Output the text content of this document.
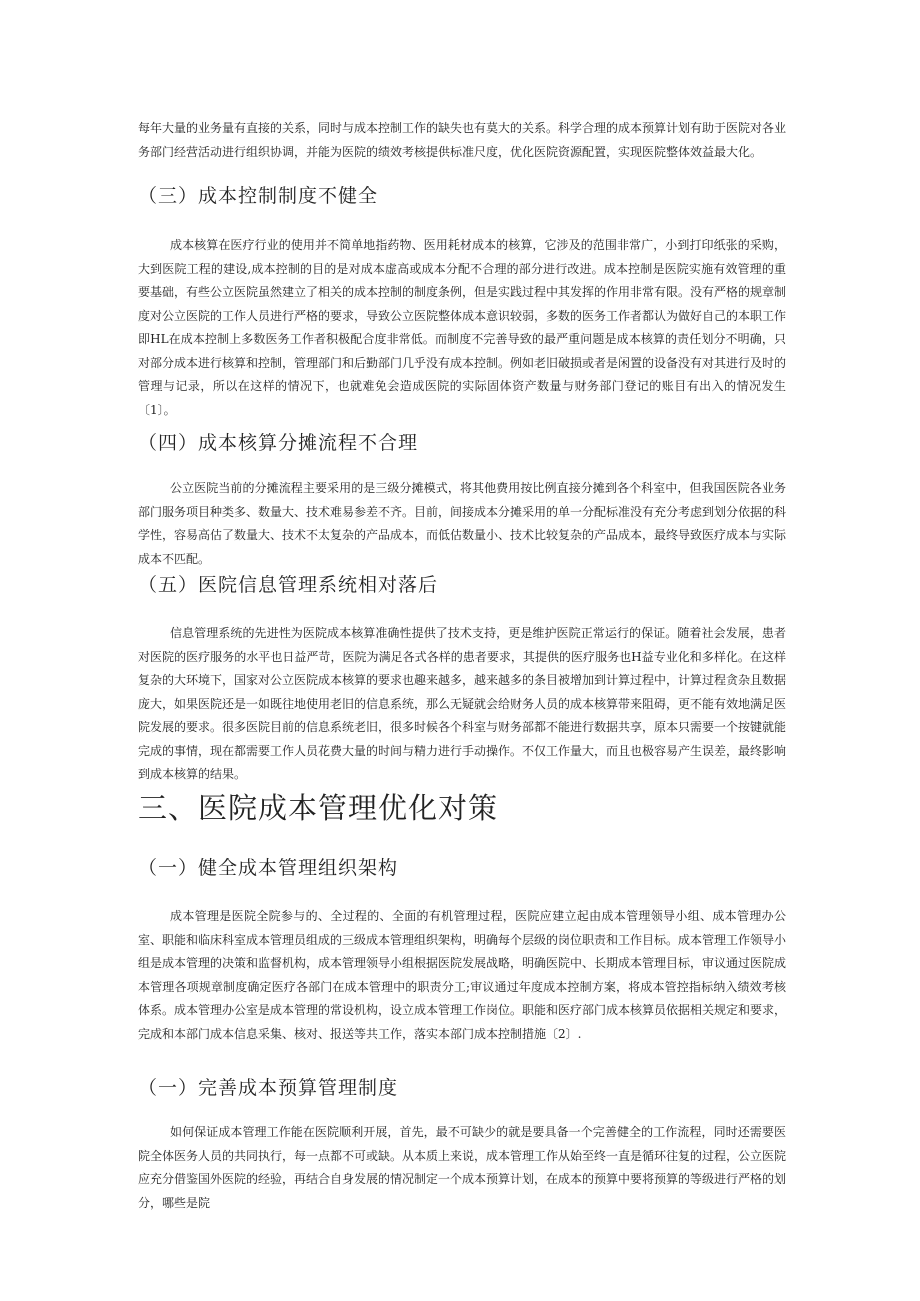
每年大量的业务量有直接的关系，同时与成本控制工作的缺失也有莫大的关系。科学合理的成本预算计划有助于医院对各业务部门经营活动进行组织协调，并能为医院的绩效考核提供标准尺度，优化医院资源配置，实现医院整体效益最大化。

（三）成本控制制度不健全

成本核算在医疗行业的使用并不简单地指药物、医用耗材成本的核算，它涉及的范围非常广，小到打印纸张的采购，大到医院工程的建设,成本控制的目的是对成本虚高或成本分配不合理的部分进行改进。成本控制是医院实施有效管理的重要基础，有些公立医院虽然建立了相关的成本控制的制度条例，但是实践过程中其发挥的作用非常有限。没有严格的规章制度对公立医院的工作人员进行严格的要求，导致公立医院整体成本意识较弱，多数的医务工作者都认为做好自己的本职工作即HL在成本控制上多数医务工作者积极配合度非常低。而制度不完善导致的最严重问题是成本核算的责任划分不明确，只对部分成本进行核算和控制，管理部门和后勤部门几乎没有成本控制。例如老旧破损或者是闲置的设备没有对其进行及时的管理与记录，所以在这样的情况下，也就难免会造成医院的实际固体资产数量与财务部门登记的账目有出入的情况发生〔1〕。

（四）成本核算分摊流程不合理

公立医院当前的分摊流程主要采用的是三级分摊模式，将其他费用按比例直接分摊到各个科室中，但我国医院各业务部门服务项目种类多、数量大、技术难易参差不齐。目前，间接成本分摊采用的单一分配标准没有充分考虑到划分依据的科学性，容易高估了数量大、技术不太复杂的产品成本，而低估数量小、技术比较复杂的产品成本，最终导致医疗成本与实际成本不匹配。

（五）医院信息管理系统相对落后

信息管理系统的先进性为医院成本核算准确性提供了技术支持，更是维护医院正常运行的保证。随着社会发展，患者对医院的医疗服务的水平也日益严苛，医院为满足各式各样的患者要求，其提供的医疗服务也H益专业化和多样化。在这样复杂的大环境下，国家对公立医院成本核算的要求也趣来越多，越来越多的条目被增加到计算过程中，计算过程贪杂且数据庞大，如果医院还是一如既往地使用老旧的信息系统，那么无疑就会给财务人员的成本核算带来阻碍，更不能有效地满足医院发展的要求。很多医院目前的信息系统老旧，很多时候各个科室与财务部都不能进行数据共享，原本只需要一个按键就能完成的事情，现在都需要工作人员花费大量的时间与精力进行手动操作。不仅工作量大，而且也极容易产生误差，最终影响到成本核算的结果。

三、医院成本管理优化对策
（一）健全成本管理组织架构

成本管理是医院全院参与的、全过程的、全面的有机管理过程，医院应建立起由成本管理领导小组、成本管理办公室、职能和临床科室成本管理员组成的三级成本管理组织架构，明确每个层级的岗位职责和工作目标。成本管理工作领导小组是成本管理的决策和监督机构，成本管理领导小组根据医院发展战略，明确医院中、长期成本管理目标，审议通过医院成本管理各项规章制度确定医疗各部门在成本管理中的职责分工;审议通过年度成本控制方案，将成本管控指标纳入绩效考核体系。成本管理办公室是成本管理的常设机构，设立成本管理工作岗位。职能和医疗部门成本核算员依据相关规定和要求，完成和本部门成本信息采集、核对、报送等共工作，落实本部门成本控制措施〔2〕.

（一）完善成本预算管理制度

如何保证成本管理工作能在医院顺利开展，首先，最不可缺少的就是要具备一个完善健全的工作流程，同时还需要医院全体医务人员的共同执行，每一点都不可或缺。从本质上来说，成本管理工作从始至终一直是循环往复的过程，公立医院应充分借鉴国外医院的经验，再结合自身发展的情况制定一个成本预算计划，在成本的预算中要将预算的等级进行严格的划分，哪些是院
